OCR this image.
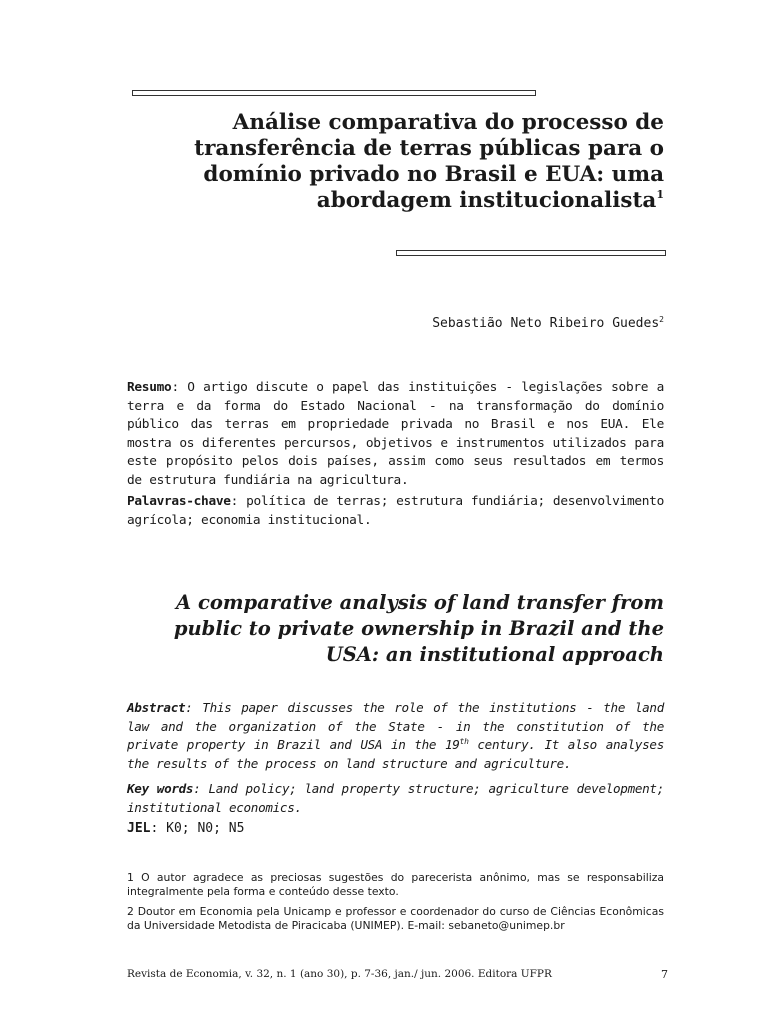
Análise comparativa do processo de transferência de terras públicas para o domínio privado no Brasil e EUA: uma abordagem institucionalista$^1$
Sebastião Neto Ribeiro Guedes$^2$
Resumo: O artigo discute o papel das instituições - legislações sobre a terra e da forma do Estado Nacional - na transformação do domínio público das terras em propriedade privada no Brasil e nos EUA. Ele mostra os diferentes percursos, objetivos e instrumentos utilizados para este propósito pelos dois países, assim como seus resultados em termos de estrutura fundiária na agricultura.
Palavras-chave: política de terras; estrutura fundiária; desenvolvimento agrícola; economia institucional.
A comparative analysis of land transfer from public to private ownership in Brazil and the USA: an institutional approach
Abstract: This paper discusses the role of the institutions - the land law and the organization of the State - in the constitution of the private property in Brazil and USA in the 19th century. It also analyses the results of the process on land structure and agriculture.
Key words: Land policy; land property structure; agriculture development; institutional economics.
JEL: K0; N0; N5
1 O autor agradece as preciosas sugestões do parecerista anônimo, mas se responsabiliza integralmente pela forma e conteúdo desse texto.
2 Doutor em Economia pela Unicamp e professor e coordenador do curso de Ciências Econômicas da Universidade Metodista de Piracicaba (UNIMEP). E-mail: sebaneto@unimep.br
Revista de Economia, v. 32, n. 1 (ano 30), p. 7-36, jan./ jun. 2006. Editora UFPR	7
